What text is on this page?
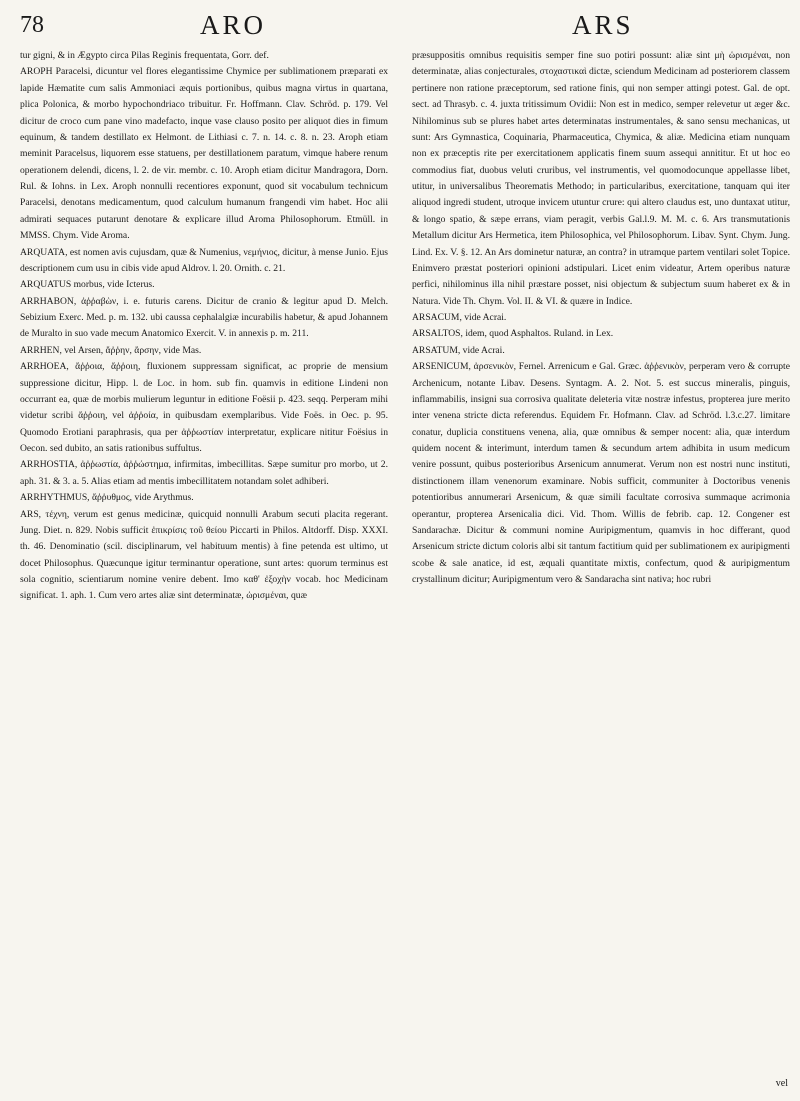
78	ARO	ARS

tur gigni, & in Ægypto circa Pilas Reginis frequentata, Gorr. def.

AROPH Paracelsi, dicuntur vel flores elegantissime Chymice per sublimationem præparati ex lapide Hæmatite cum salis Ammoniaci æquis portionibus, quibus magna virtus in quartana, plica Polonica, & morbo hypochondriaco tribuitur. Fr. Hoffmann. Clav. Schröd. p. 179. Vel dicitur de croco cum pane vino madefacto, inque vase clauso posito per aliquot dies in fimum equinum, & tandem destillato ex Helmont. de Lithiasi c. 7. n. 14. c. 8. n. 23. Aroph etiam meminit Paracelsus, liquorem esse statuens, per destillationem paratum, vimque habere renum operationem delendi, dicens, l. 2. de vir. membr. c. 10. Aroph etiam dicitur Mandragora, Dorn. Rul. & Iohns. in Lex. Aroph nonnulli recentiores exponunt, quod sit vocabulum technicum Paracelsi, denotans medicamentum, quod calculum humanum frangendi vim habet. Hoc alii admirati sequaces putarunt denotare & explicare illud Aroma Philosophorum. Etmüll. in MMSS. Chym. Vide Aroma.

ARQUATA, est nomen avis cujusdam, quæ & Numenius, νεμήνιος, dicitur, à mense Junio. Ejus descriptionem cum usu in cibis vide apud Aldrov. l. 20. Ornith. c. 21.

ARQUATUS morbus, vide Icterus.

ARRHABON, ἀῤῥαβὼν, i. e. futuris carens. Dicitur de cranio & legitur apud D. Melch. Sebizium Exerc. Med. p. m. 132. ubi caussa cephalalgiæ incurabilis habetur, & apud Johannem de Muralto in suo vade mecum Anatomico Exercit. V. in annexis p. m. 211.

ARRHEN, vel Arsen, ἄῤῥην, ἄρσην, vide Mas.

ARRHOEA, ἄῤῥοια, ἄῤῥοιη, fluxionem suppressam significat, ac proprie de mensium suppressione dicitur, Hipp. l. de Loc. in hom. sub fin. quamvis in editione Lindeni non occurrant ea, quæ de morbis mulierum leguntur in editione Foësii p. 423. seqq. Perperam mihi videtur scribi ἄῤῥοιη, vel ἀῤῥοία, in quibusdam exemplaribus. Vide Foës. in Oec. p. 95. Quomodo Erotiani paraphrasis, qua per ἀῤῥωστίαν interpretatur, explicare nititur Foësius in Oecon. sed dubito, an satis rationibus suffultus.

ARRHOSTIA, ἀῤῥωστία, ἀῤῥώστημα, infirmitas, imbecillitas. Sæpe sumitur pro morbo, ut 2. aph. 31. & 3. a. 5. Alias etiam ad mentis imbecillitatem notandam solet adhiberi.

ARRHYTHMUS, ἄῤῥυθμος, vide Arythmus.

ARS, τέχνη, verum est genus medicinæ, quicquid nonnulli Arabum secuti placita regerant. Jung. Diet. n. 829. Nobis sufficit ἐπικρίσις τοῦ θείου Piccarti in Philos. Altdorff. Disp. XXXI. th. 46. Denominatio (scil. disciplinarum, vel habituum mentis) à fine petenda est ultimo, ut docet Philosophus. Quæcunque igitur terminantur operatione, sunt artes: quorum terminus est sola cognitio, scientiarum nomine venire debent. Imo καθ' ἐξοχὴν vocab. hoc Medicinam significat. 1. aph. 1. Cum vero artes aliæ sint determinatæ, ὡρισμέναι, quæ

præsuppositis omnibus requisitis semper fine suo potiri possunt: aliæ sint μὴ ὡρισμέναι, non determinatæ, alias conjecturales, στοχαστικαὶ dictæ, sciendum Medicinam ad posteriorem classem pertinere non ratione præceptorum, sed ratione finis, qui non semper attingi potest. Gal. de opt. sect. ad Thrasyb. c. 4. juxta tritissimum Ovidii: Non est in medico, semper relevetur ut æger &c. Nihilominus sub se plures habet artes determinatas instrumentales, & sano sensu mechanicas, ut sunt: Ars Gymnastica, Coquinaria, Pharmaceutica, Chymica, & aliæ. Medicina etiam nunquam non ex præceptis rite per exercitationem applicatis finem suum assequi annititur. Et ut hoc eo commodius fiat, duobus veluti cruribus, vel instrumentis, vel quomodocunque appellasse libet, utitur, in universalibus Theorematis Methodo; in particularibus, exercitatione, tanquam qui iter aliquod ingredi student, utroque invicem utuntur crure: qui altero claudus est, uno duntaxat utitur, & longo spatio, & sæpe errans, viam peragit, verbis Gal.l.9. M. M. c. 6. Ars transmutationis Metallum dicitur Ars Hermetica, item Philosophica, vel Philosophorum. Libav. Synt. Chym. Jung. Lind. Ex. V. §. 12. An Ars dominetur naturæ, an contra? in utramque partem ventilari solet Topice. Enimvero præstat posteriori opinioni adstipulari. Licet enim videatur, Artem operibus naturæ perfici, nihilominus illa nihil præstare posset, nisi objectum & subjectum suum haberet ex & in Natura. Vide Th. Chym. Vol. II. & VI. & quære in Indice.

ARSACUM, vide Acrai.

ARSALTOS, idem, quod Asphaltos. Ruland. in Lex.

ARSATUM, vide Acrai.

ARSENICUM, ἀρσενικὸν, Fernel. Arrenicum e Gal. Græc. ἀῤῥενικὸν, perperam vero & corrupte Archenicum, notante Libav. Desens. Syntagm. A. 2. Not. 5. est succus mineralis, pinguis, inflammabilis, insigni sua corrosiva qualitate deleteria vitæ nostræ infestus, propterea jure merito inter venena stricte dicta referendus. Equidem Fr. Hofmann. Clav. ad Schröd. l.3.c.27. limitare conatur, duplicia constituens venena, alia, quæ omnibus & semper nocent: alia, quæ interdum quidem nocent & interimunt, interdum tamen & secundum artem adhibita in usum medicum venire possunt, quibus posterioribus Arsenicum annumerat. Verum non est nostri nunc instituti, distinctionem illam venenorum examinare. Nobis sufficit, communiter à Doctoribus venenis potentioribus annumerari Arsenicum, & quæ simili facultate corrosiva summaque acrimonia operantur, propterea Arsenicalia dici. Vid. Thom. Willis de febrib. cap. 12. Congener est Sandarachæ. Dicitur & communi nomine Auripigmentum, quamvis in hoc differant, quod Arsenicum stricte dictum coloris albi sit tantum factitium quid per sublimationem ex auripigmenti scobe & sale anatice, id est, æquali quantitate mixtis, confectum, quod & auripigmentum crystallinum dicitur; Auripigmentum vero & Sandaracha sint nativa; hoc rubri

vel
